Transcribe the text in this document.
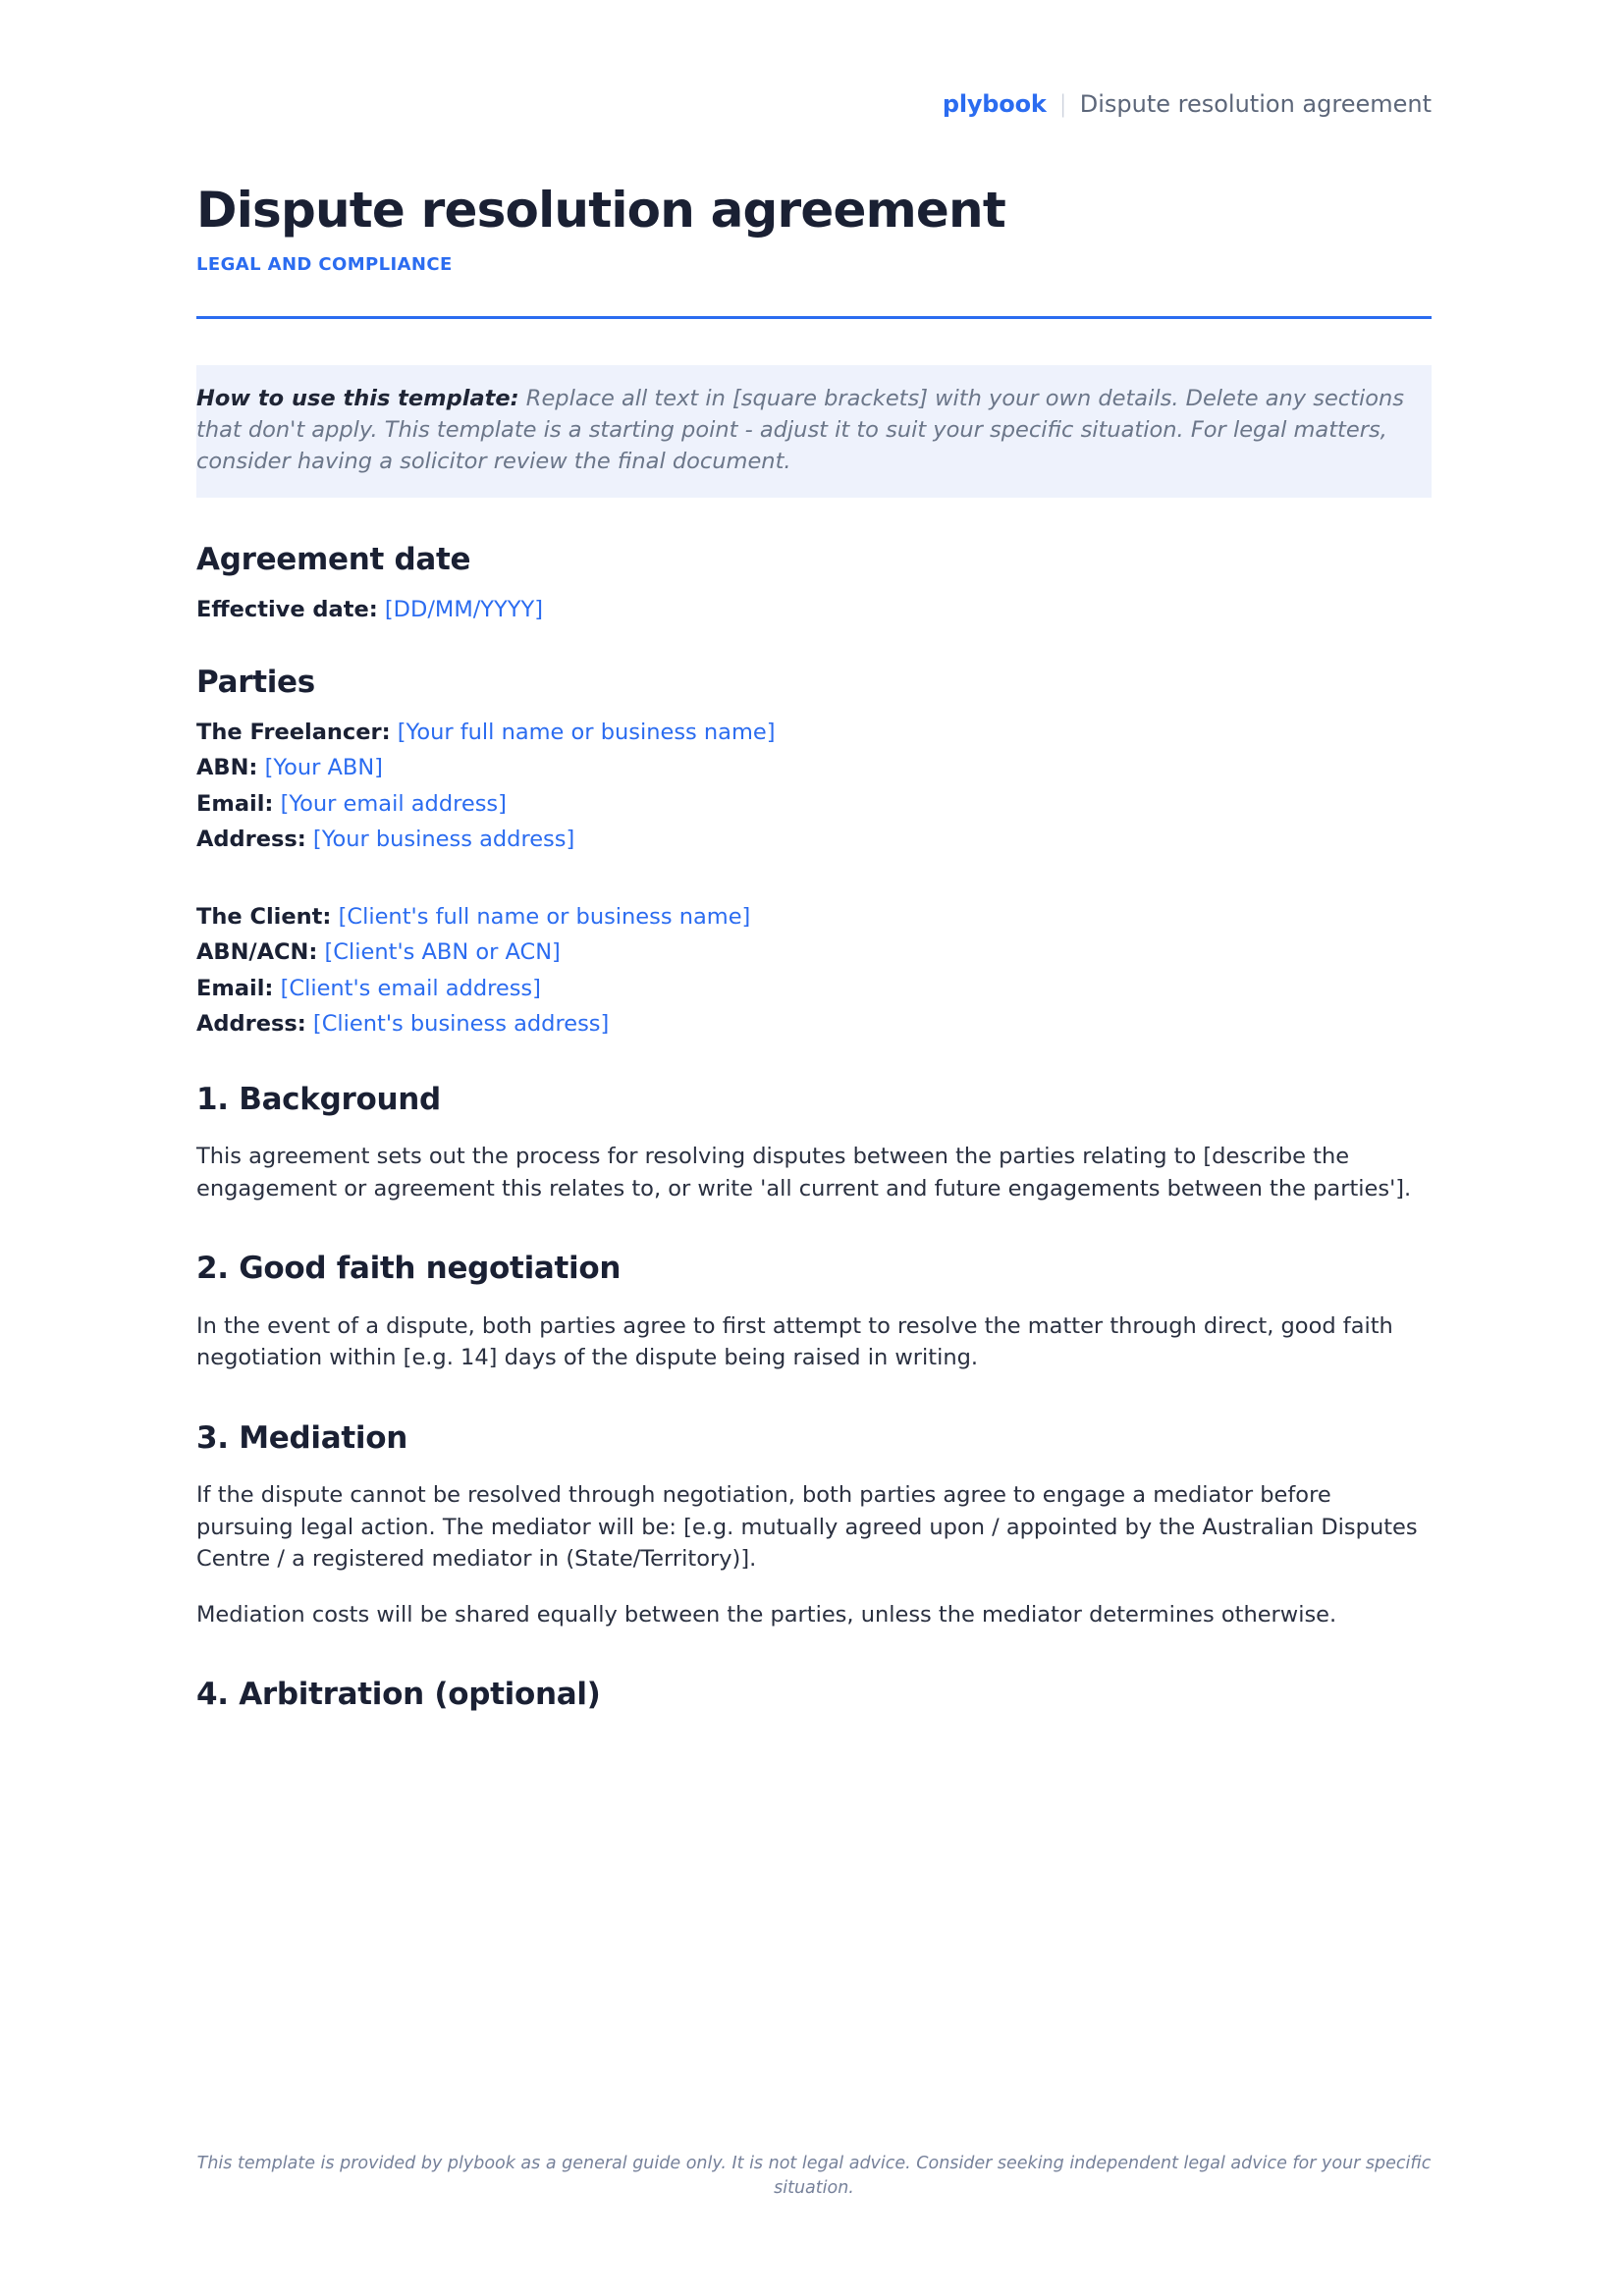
plybook | Dispute resolution agreement
Dispute resolution agreement
LEGAL AND COMPLIANCE

How to use this template: Replace all text in [square brackets] with your own details. Delete any sections that don't apply. This template is a starting point - adjust it to suit your specific situation. For legal matters, consider having a solicitor review the final document.

Agreement date

Effective date: [DD/MM/YYYY]

Parties

The Freelancer: [Your full name or business name]

ABN: [Your ABN]

Email: [Your email address]

Address: [Your business address]

The Client: [Client's full name or business name]

ABN/ACN: [Client's ABN or ACN]

Email: [Client's email address]

Address: [Client's business address]

1. Background

This agreement sets out the process for resolving disputes between the parties relating to [describe the engagement or agreement this relates to, or write 'all current and future engagements between the parties'].

2. Good faith negotiation

In the event of a dispute, both parties agree to first attempt to resolve the matter through direct, good faith negotiation within [e.g. 14] days of the dispute being raised in writing.

3. Mediation

If the dispute cannot be resolved through negotiation, both parties agree to engage a mediator before pursuing legal action. The mediator will be: [e.g. mutually agreed upon / appointed by the Australian Disputes Centre / a registered mediator in (State/Territory)].

Mediation costs will be shared equally between the parties, unless the mediator determines otherwise.

4. Arbitration (optional)
This template is provided by plybook as a general guide only. It is not legal advice. Consider seeking independent legal advice for your specific situation.
